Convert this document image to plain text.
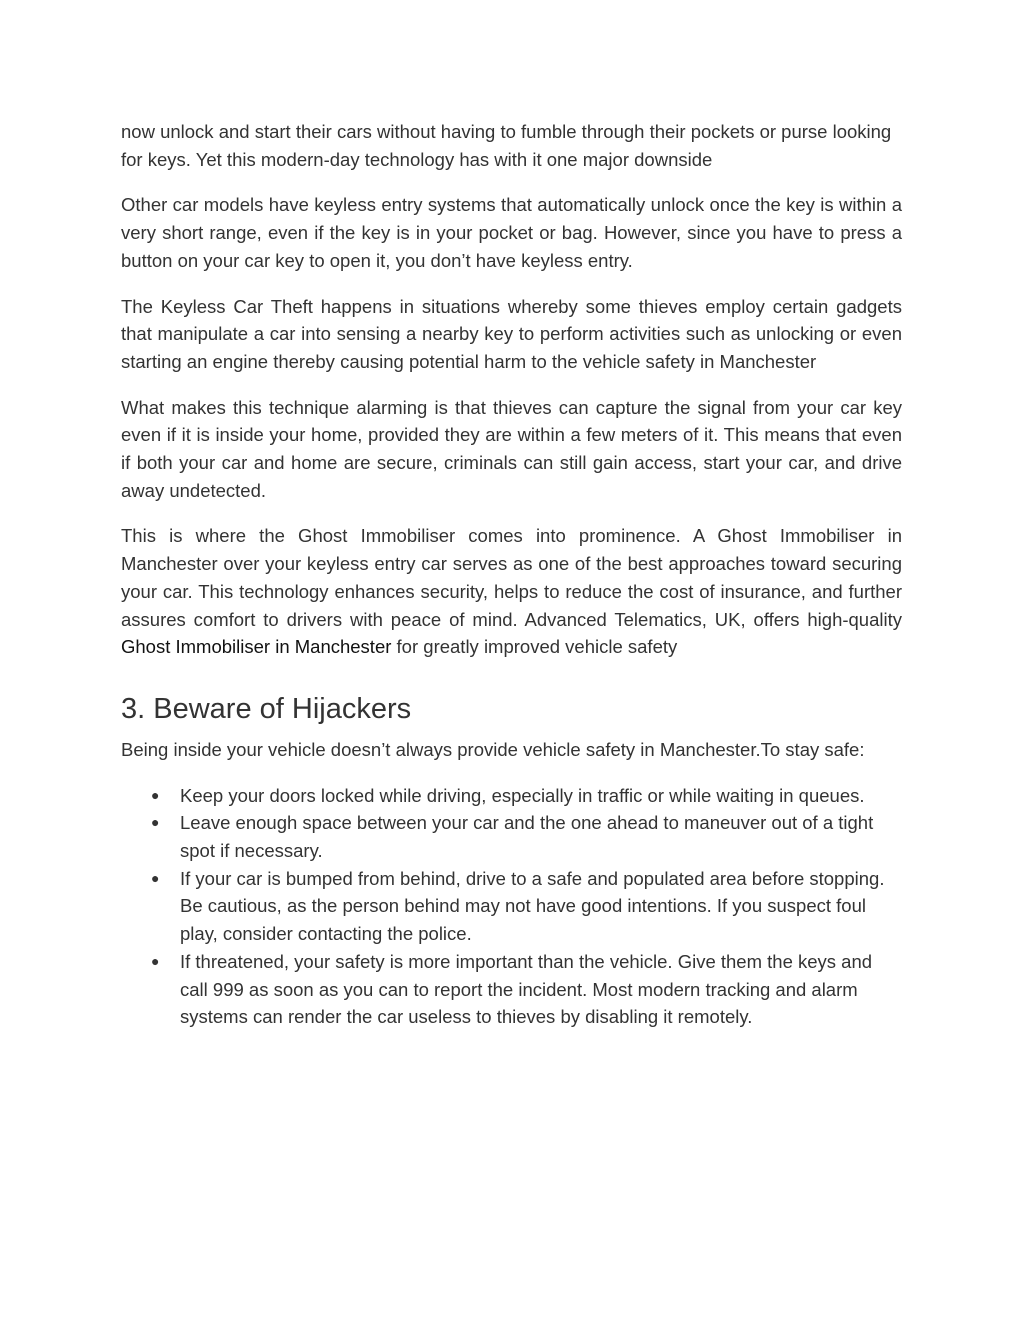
now unlock and start their cars without having to fumble through their pockets or purse looking for keys. Yet this modern-day technology has with it one major downside

Other car models have keyless entry systems that automatically unlock once the key is within a very short range, even if the key is in your pocket or bag. However, since you have to press a button on your car key to open it, you don’t have keyless entry.

The Keyless Car Theft happens in situations whereby some thieves employ certain gadgets that manipulate a car into sensing a nearby key to perform activities such as unlocking or even starting an engine thereby causing potential harm to the vehicle safety in Manchester

What makes this technique alarming is that thieves can capture the signal from your car key even if it is inside your home, provided they are within a few meters of it. This means that even if both your car and home are secure, criminals can still gain access, start your car, and drive away undetected.

This is where the Ghost Immobiliser comes into prominence. A Ghost Immobiliser in Manchester over your keyless entry car serves as one of the best approaches toward securing your car. This technology enhances security, helps to reduce the cost of insurance, and further assures comfort to drivers with peace of mind. Advanced Telematics, UK, offers high-quality Ghost Immobiliser in Manchester for greatly improved vehicle safety

3. Beware of Hijackers

Being inside your vehicle doesn’t always provide vehicle safety in Manchester.To stay safe:

● Keep your doors locked while driving, especially in traffic or while waiting in queues.
● Leave enough space between your car and the one ahead to maneuver out of a tight spot if necessary.
● If your car is bumped from behind, drive to a safe and populated area before stopping. Be cautious, as the person behind may not have good intentions. If you suspect foul play, consider contacting the police.
● If threatened, your safety is more important than the vehicle. Give them the keys and call 999 as soon as you can to report the incident. Most modern tracking and alarm systems can render the car useless to thieves by disabling it remotely.
